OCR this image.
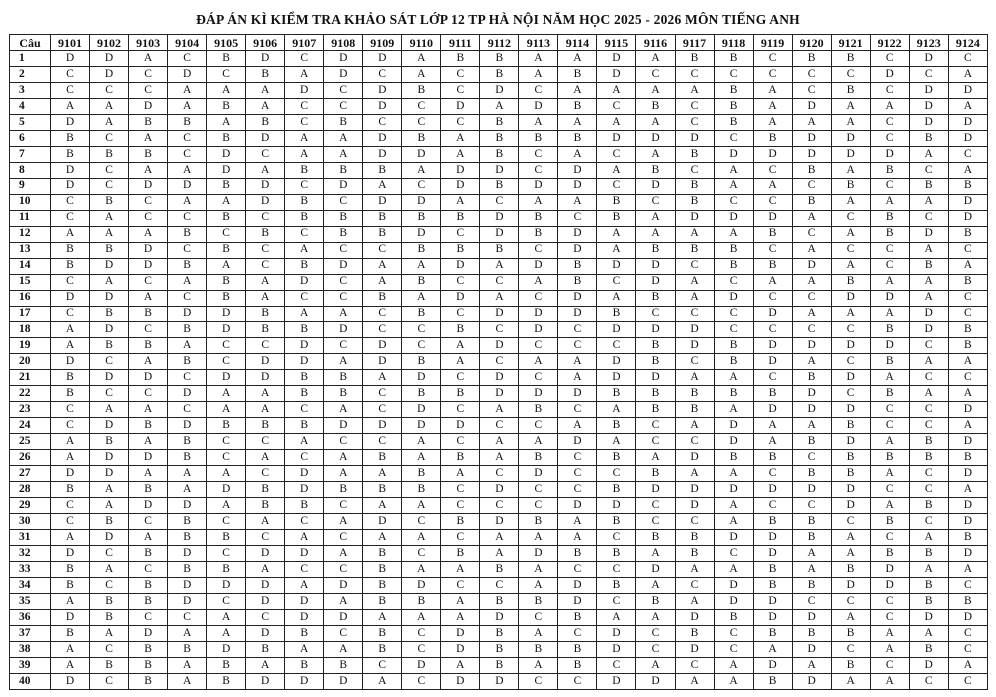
ĐÁP ÁN KÌ KIỂM TRA KHẢO SÁT LỚP 12 TP HÀ NỘI NĂM HỌC 2025 - 2026 MÔN TIẾNG ANH
Câu	9101	9102	9103	9104	9105	9106	9107	9108	9109	9110	9111	9112	9113	9114	9115	9116	9117	9118	9119	9120	9121	9122	9123	9124
1	D	D	A	C	B	D	C	D	D	A	B	B	A	A	D	A	B	B	C	B	B	C	D	C
2	C	D	C	D	C	B	A	D	C	A	C	B	A	B	D	C	C	C	C	C	C	D	C	A
3	C	C	C	A	A	A	D	C	D	B	C	D	C	A	A	A	A	B	A	C	B	C	D	D
4	A	A	D	A	B	A	C	C	D	C	D	A	D	B	C	B	C	B	A	D	A	A	D	A
5	D	A	B	B	A	B	C	B	C	C	C	B	A	A	A	A	C	B	A	A	A	C	D	D
6	B	C	A	C	B	D	A	A	D	B	A	B	B	B	D	D	D	C	B	D	D	C	B	D
7	B	B	B	C	D	C	A	A	D	D	A	B	C	A	C	A	B	D	D	D	D	D	A	C
8	D	C	A	A	D	A	B	B	B	A	D	D	C	D	A	B	C	A	C	B	A	B	C	A
9	D	C	D	D	B	D	C	D	A	C	D	B	D	D	C	D	B	A	A	C	B	C	B	B
10	C	B	C	A	A	D	B	C	D	D	A	C	A	A	B	C	B	C	C	B	A	A	A	D
11	C	A	C	C	B	C	B	B	B	B	B	D	B	C	B	A	D	D	D	A	C	B	C	D
12	A	A	A	B	C	B	C	B	B	D	C	D	B	D	A	A	A	A	B	C	A	B	D	B
13	B	B	D	C	B	C	A	C	C	B	B	B	C	D	A	B	B	B	C	A	C	C	A	C
14	B	D	D	B	A	C	B	D	A	A	D	A	D	B	D	D	C	B	B	D	A	C	B	A
15	C	A	C	A	B	A	D	C	A	B	C	C	A	B	C	D	A	C	A	A	B	A	A	B
16	D	D	A	C	B	A	C	C	B	A	D	A	C	D	A	B	A	D	C	C	D	D	A	C
17	C	B	B	D	D	B	A	A	C	B	C	D	D	D	B	C	C	C	D	A	A	A	D	C
18	A	D	C	B	D	B	B	D	C	C	B	C	D	C	D	D	D	C	C	C	C	B	D	B
19	A	B	B	A	C	C	D	C	D	C	A	D	C	C	C	B	D	B	D	D	D	D	C	B
20	D	C	A	B	C	D	D	A	D	B	A	C	A	A	D	B	C	B	D	A	C	B	A	A
21	B	D	D	C	D	D	B	B	A	D	C	D	C	A	D	D	A	A	C	B	D	A	C	C
22	B	C	C	D	A	A	B	B	C	B	B	D	D	D	B	B	B	B	B	D	C	B	A	A
23	C	A	A	C	A	A	C	A	C	D	C	A	B	C	A	B	B	A	D	D	D	C	C	D
24	C	D	B	D	B	B	B	D	D	D	D	C	C	A	B	C	A	D	A	A	B	C	C	A
25	A	B	A	B	C	C	A	C	C	A	C	A	A	D	A	C	C	D	A	B	D	A	B	D
26	A	D	D	B	C	A	C	A	B	A	B	A	B	C	B	A	D	B	B	C	B	B	B	B
27	D	D	A	A	A	C	D	A	A	B	A	C	D	C	C	B	A	A	C	B	B	A	C	D
28	B	A	B	A	D	B	D	B	B	B	C	D	C	C	B	D	D	D	D	D	D	C	C	A
29	C	A	D	D	A	B	B	C	A	A	C	C	C	D	D	C	D	A	C	C	D	A	B	D
30	C	B	C	B	C	A	C	A	D	C	B	D	B	A	B	C	C	A	B	B	C	B	C	D
31	A	D	A	B	B	C	A	C	A	A	C	A	A	A	C	B	B	D	D	B	A	C	A	B
32	D	C	B	D	C	D	D	A	B	C	B	A	D	B	B	A	B	C	D	A	A	B	B	D
33	B	A	C	B	B	A	C	C	B	A	A	B	A	C	C	D	A	A	B	A	B	D	A	A
34	B	C	B	D	D	D	A	D	B	D	C	C	A	D	B	A	C	D	B	B	D	D	B	C
35	A	B	B	D	C	D	D	A	B	B	A	B	B	D	C	B	A	D	D	C	C	C	B	B
36	D	B	C	C	A	C	D	D	A	A	A	D	C	B	A	A	D	B	D	D	A	C	D	D
37	B	A	D	A	A	D	B	C	B	C	D	B	A	C	D	C	B	C	B	B	B	A	A	C
38	A	C	B	B	D	B	A	A	B	C	D	B	B	B	D	C	D	C	A	D	C	A	B	C
39	A	B	B	A	B	A	B	B	C	D	A	B	A	B	C	A	C	A	D	A	B	C	D	A
40	D	C	B	A	B	D	D	D	A	C	D	D	C	C	D	D	A	A	B	D	A	A	C	C
